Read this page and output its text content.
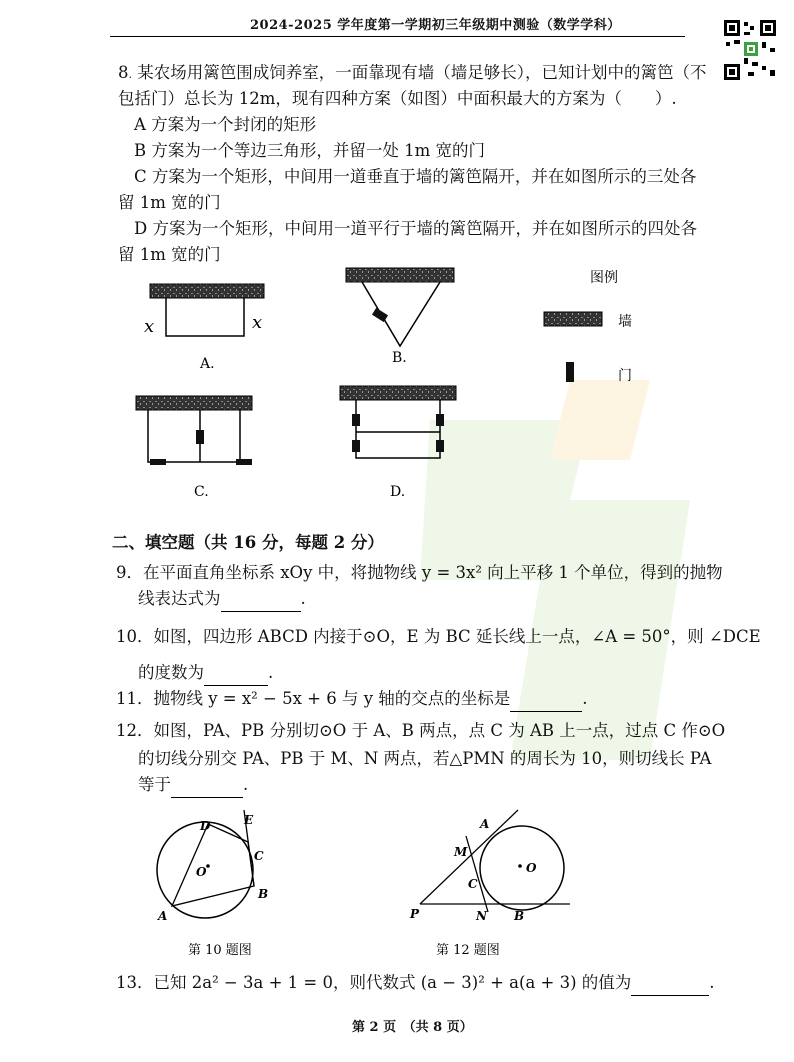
2024-2025 学年度第一学期初三年级期中测验（数学学科）
8. 某农场用篱笆围成饲养室，一面靠现有墙（墙足够长），已知计划中的篱笆（不
包括门）总长为 12m，现有四种方案（如图）中面积最大的方案为（　　）.
A 方案为一个封闭的矩形
B 方案为一个等边三角形，并留一处 1m 宽的门
C 方案为一个矩形，中间用一道垂直于墙的篱笆隔开，并在如图所示的三处各
留 1m 宽的门
D 方案为一个矩形，中间用一道平行于墙的篱笆隔开，并在如图所示的四处各
留 1m 宽的门
x	x
A.	B.
C.	D.
图例
墙
门
二、填空题（共 16 分，每题 2 分）
9．在平面直角坐标系 xOy 中，将抛物线 y = 3x² 向上平移 1 个单位，得到的抛物
线表达式为	.
10．如图，四边形 ABCD 内接于⊙O，E 为 BC 延长线上一点，∠A = 50°，则 ∠DCE
的度数为	.
11．抛物线 y = x² − 5x + 6 与 y 轴的交点的坐标是	.
12．如图，PA、PB 分别切⊙O 于 A、B 两点，点 C 为 AB 上一点，过点 C 作⊙O
的切线分别交 PA、PB 于 M、N 两点，若△PMN 的周长为 10，则切线长 PA
等于	.
D	E
C
O
B
A
第 10 题图
A
M
C
O
P	N B
第 12 题图
13．已知 2a² − 3a + 1 = 0，则代数式 (a − 3)² + a(a + 3) 的值为	.
第 2 页　（共 8 页）
